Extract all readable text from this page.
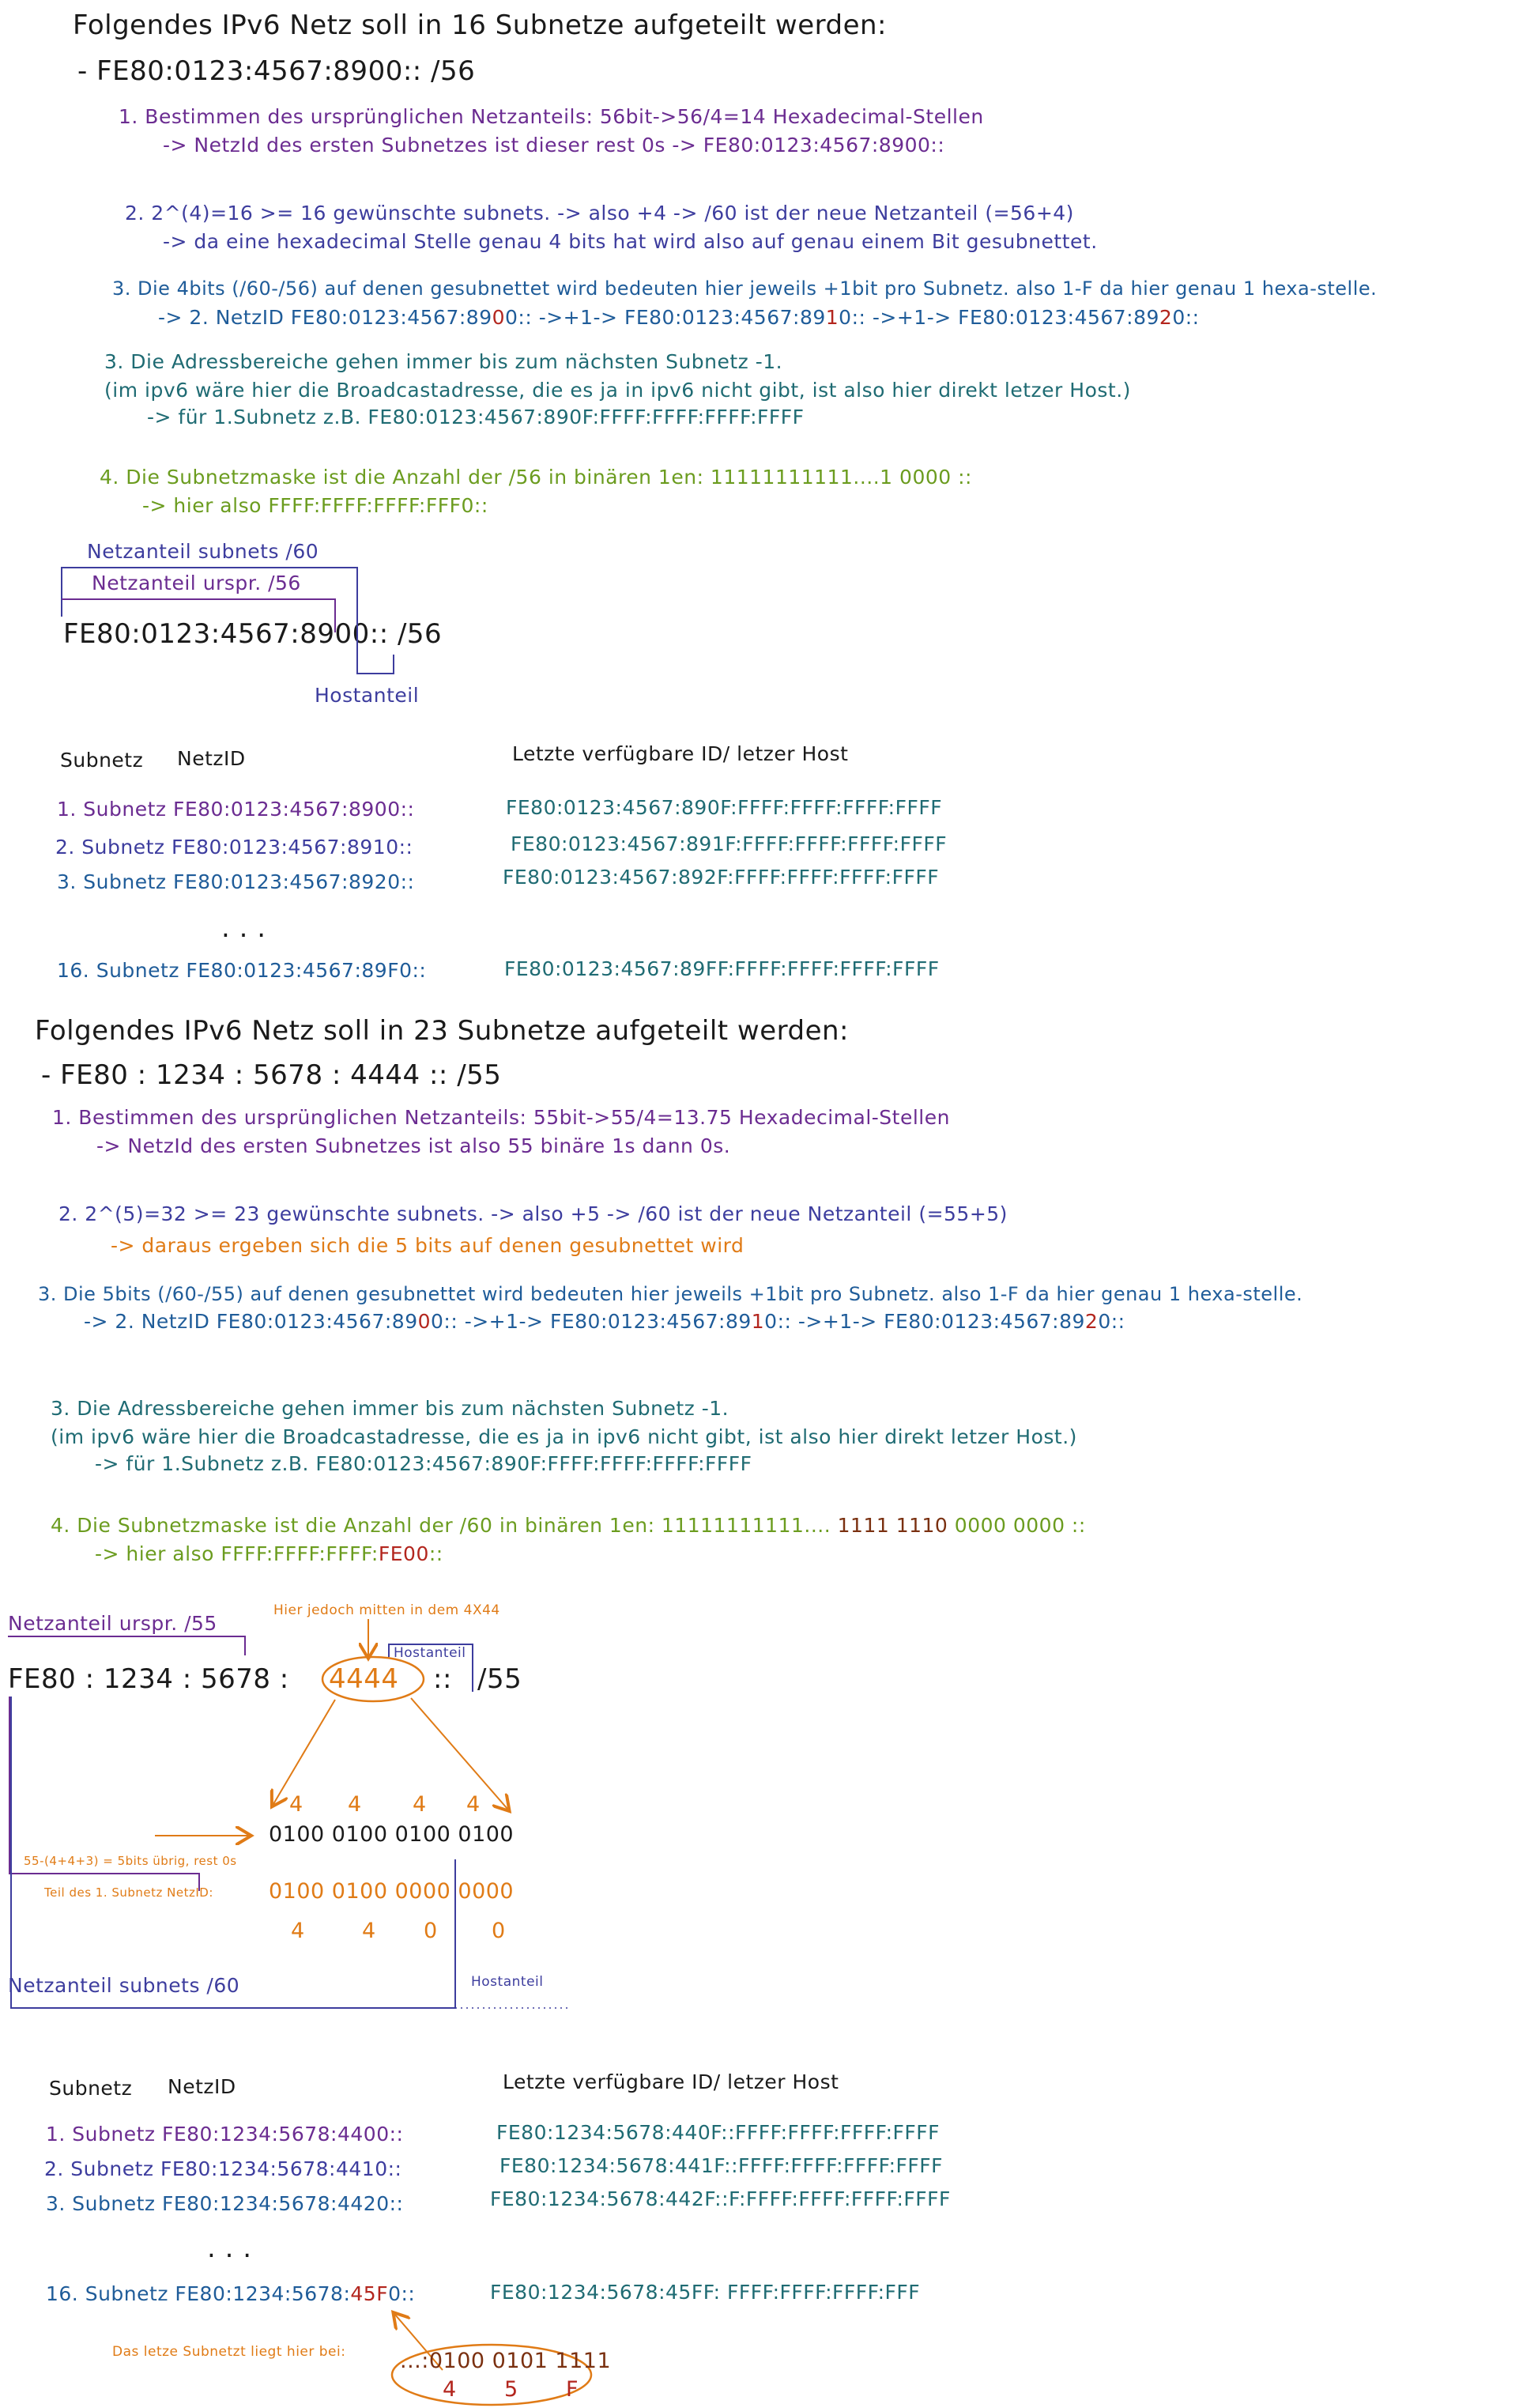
Folgendes IPv6 Netz soll in 16 Subnetze aufgeteilt werden:
- FE80:0123:4567:8900:: /56
1. Bestimmen des ursprünglichen Netzanteils: 56bit->56/4=14 Hexadecimal-Stellen
-> NetzId des ersten Subnetzes ist dieser rest 0s -> FE80:0123:4567:8900::
2. 2^(4)=16 >= 16 gewünschte subnets. -> also +4 -> /60 ist der neue Netzanteil (=56+4)
-> da eine hexadecimal Stelle genau 4 bits hat wird also auf genau einem Bit gesubnettet.
3. Die 4bits (/60-/56) auf denen gesubnettet wird bedeuten hier jeweils +1bit pro Subnetz. also 1-F da hier genau 1 hexa-stelle.
-> 2. NetzID FE80:0123:4567:8900:: ->+1-> FE80:0123:4567:8910:: ->+1-> FE80:0123:4567:8920::
3. Die Adressbereiche gehen immer bis zum nächsten Subnetz -1.
(im ipv6 wäre hier die Broadcastadresse, die es ja in ipv6 nicht gibt, ist also hier direkt letzer Host.)
-> für 1.Subnetz z.B. FE80:0123:4567:890F:FFFF:FFFF:FFFF:FFFF
4. Die Subnetzmaske ist die Anzahl der /56 in binären 1en: 11111111111....1 0000 ::
-> hier also FFFF:FFFF:FFFF:FFF0::
Netzanteil subnets /60
Netzanteil urspr. /56
FE80:0123:4567:8900:: /56
Hostanteil
Subnetz NetzID	Letzte verfügbare ID/ letzer Host
1. Subnetz FE80:0123:4567:8900::	FE80:0123:4567:890F:FFFF:FFFF:FFFF:FFFF
2. Subnetz FE80:0123:4567:8910::	FE80:0123:4567:891F:FFFF:FFFF:FFFF:FFFF
3. Subnetz FE80:0123:4567:8920::	FE80:0123:4567:892F:FFFF:FFFF:FFFF:FFFF
. . .
16. Subnetz FE80:0123:4567:89F0::	FE80:0123:4567:89FF:FFFF:FFFF:FFFF:FFFF
Folgendes IPv6 Netz soll in 23 Subnetze aufgeteilt werden:
- FE80 : 1234 : 5678 : 4444 :: /55
1. Bestimmen des ursprünglichen Netzanteils: 55bit->55/4=13.75 Hexadecimal-Stellen
-> NetzId des ersten Subnetzes ist also 55 binäre 1s dann 0s.
2. 2^(5)=32 >= 23 gewünschte subnets. -> also +5 -> /60 ist der neue Netzanteil (=55+5)
-> daraus ergeben sich die 5 bits auf denen gesubnettet wird
3. Die 5bits (/60-/55) auf denen gesubnettet wird bedeuten hier jeweils +1bit pro Subnetz. also 1-F da hier genau 1 hexa-stelle.
-> 2. NetzID FE80:0123:4567:8900:: ->+1-> FE80:0123:4567:8910:: ->+1-> FE80:0123:4567:8920::
3. Die Adressbereiche gehen immer bis zum nächsten Subnetz -1.
(im ipv6 wäre hier die Broadcastadresse, die es ja in ipv6 nicht gibt, ist also hier direkt letzer Host.)
-> für 1.Subnetz z.B. FE80:0123:4567:890F:FFFF:FFFF:FFFF:FFFF
4. Die Subnetzmaske ist die Anzahl der /60 in binären 1en: 11111111111.... 1111 1110 0000 0000 ::
-> hier also FFFF:FFFF:FFFF:FE00::
Netzanteil urspr. /55
Hier jedoch mitten in dem 4X44
Hostanteil
FE80 : 1234 : 5678 : 4444 :: /55
4 4 4 4
0100 0100 0100 0100
55-(4+4+3) = 5bits übrig, rest 0s
Teil des 1. Subnetz NetzID:	0100 0100 0000 0000
4	4 0	0
Netzanteil subnets /60	Hostanteil
Subnetz NetzID	Letzte verfügbare ID/ letzer Host
1. Subnetz FE80:1234:5678:4400::	FE80:1234:5678:440F::FFFF:FFFF:FFFF:FFFF
2. Subnetz FE80:1234:5678:4410::	FE80:1234:5678:441F::FFFF:FFFF:FFFF:FFFF
3. Subnetz FE80:1234:5678:4420::	FE80:1234:5678:442F::F:FFFF:FFFF:FFFF:FFFF
. . .
16. Subnetz FE80:1234:5678:45F0::	FE80:1234:5678:45FF: FFFF:FFFF:FFFF:FFF
Das letze Subnetzt liegt hier bei:	...:0100 0101 1111
4 5 F
